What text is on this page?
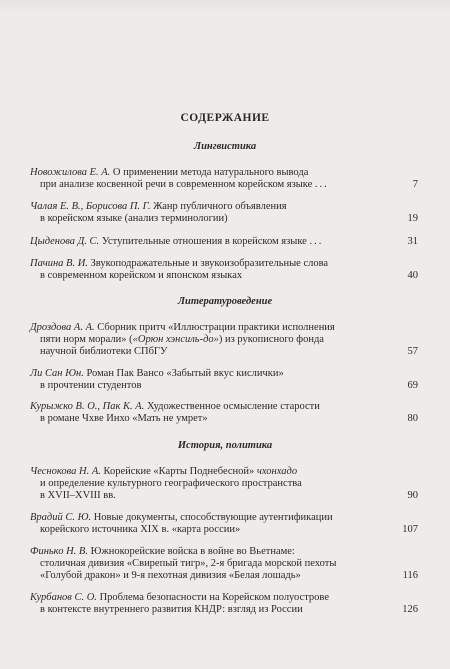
СОДЕРЖАНИЕ
Лингвистика
Новожилова Е. А. О применении метода натурального вывода
при анализе косвенной речи в современном корейском языке ...	7
Чалая Е. В., Борисова П. Г. Жанр публичного объявления
в корейском языке (анализ терминологии)	19
Цыденова Д. С. Уступительные отношения в корейском языке ...	31
Пачина В. И. Звукоподражательные и звукоизобразительные слова
в современном корейском и японском языках	40
Литературоведение
Дроздова А. А. Сборник притч «Иллюстрации практики исполнения
пяти норм морали» («Орюн хэнсиль-до») из рукописного фонда
научной библиотеки СПбГУ	57
Ли Сан Юн. Роман Пак Вансо «Забытый вкус кислички»
в прочтении студентов	69
Курыжко В. О., Пак К. А. Художественное осмысление старости
в романе Чхве Инхо «Мать не умрет»	80
История, политика
Чеснокова Н. А. Корейские «Карты Поднебесной» чхонхадо
и определение культурного географического пространства
в XVII–XVIII вв.	90
Врадий С. Ю. Новые документы, способствующие аутентификации
корейского источника XIX в. «карта россии»	107
Финько Н. В. Южнокорейские войска в войне во Вьетнаме:
столичная дивизия «Свирепый тигр», 2-я бригада морской пехоты
«Голубой дракон» и 9-я пехотная дивизия «Белая лошадь»	116
Курбанов С. О. Проблема безопасности на Корейском полуострове
в контексте внутреннего развития КНДР: взгляд из России	126
